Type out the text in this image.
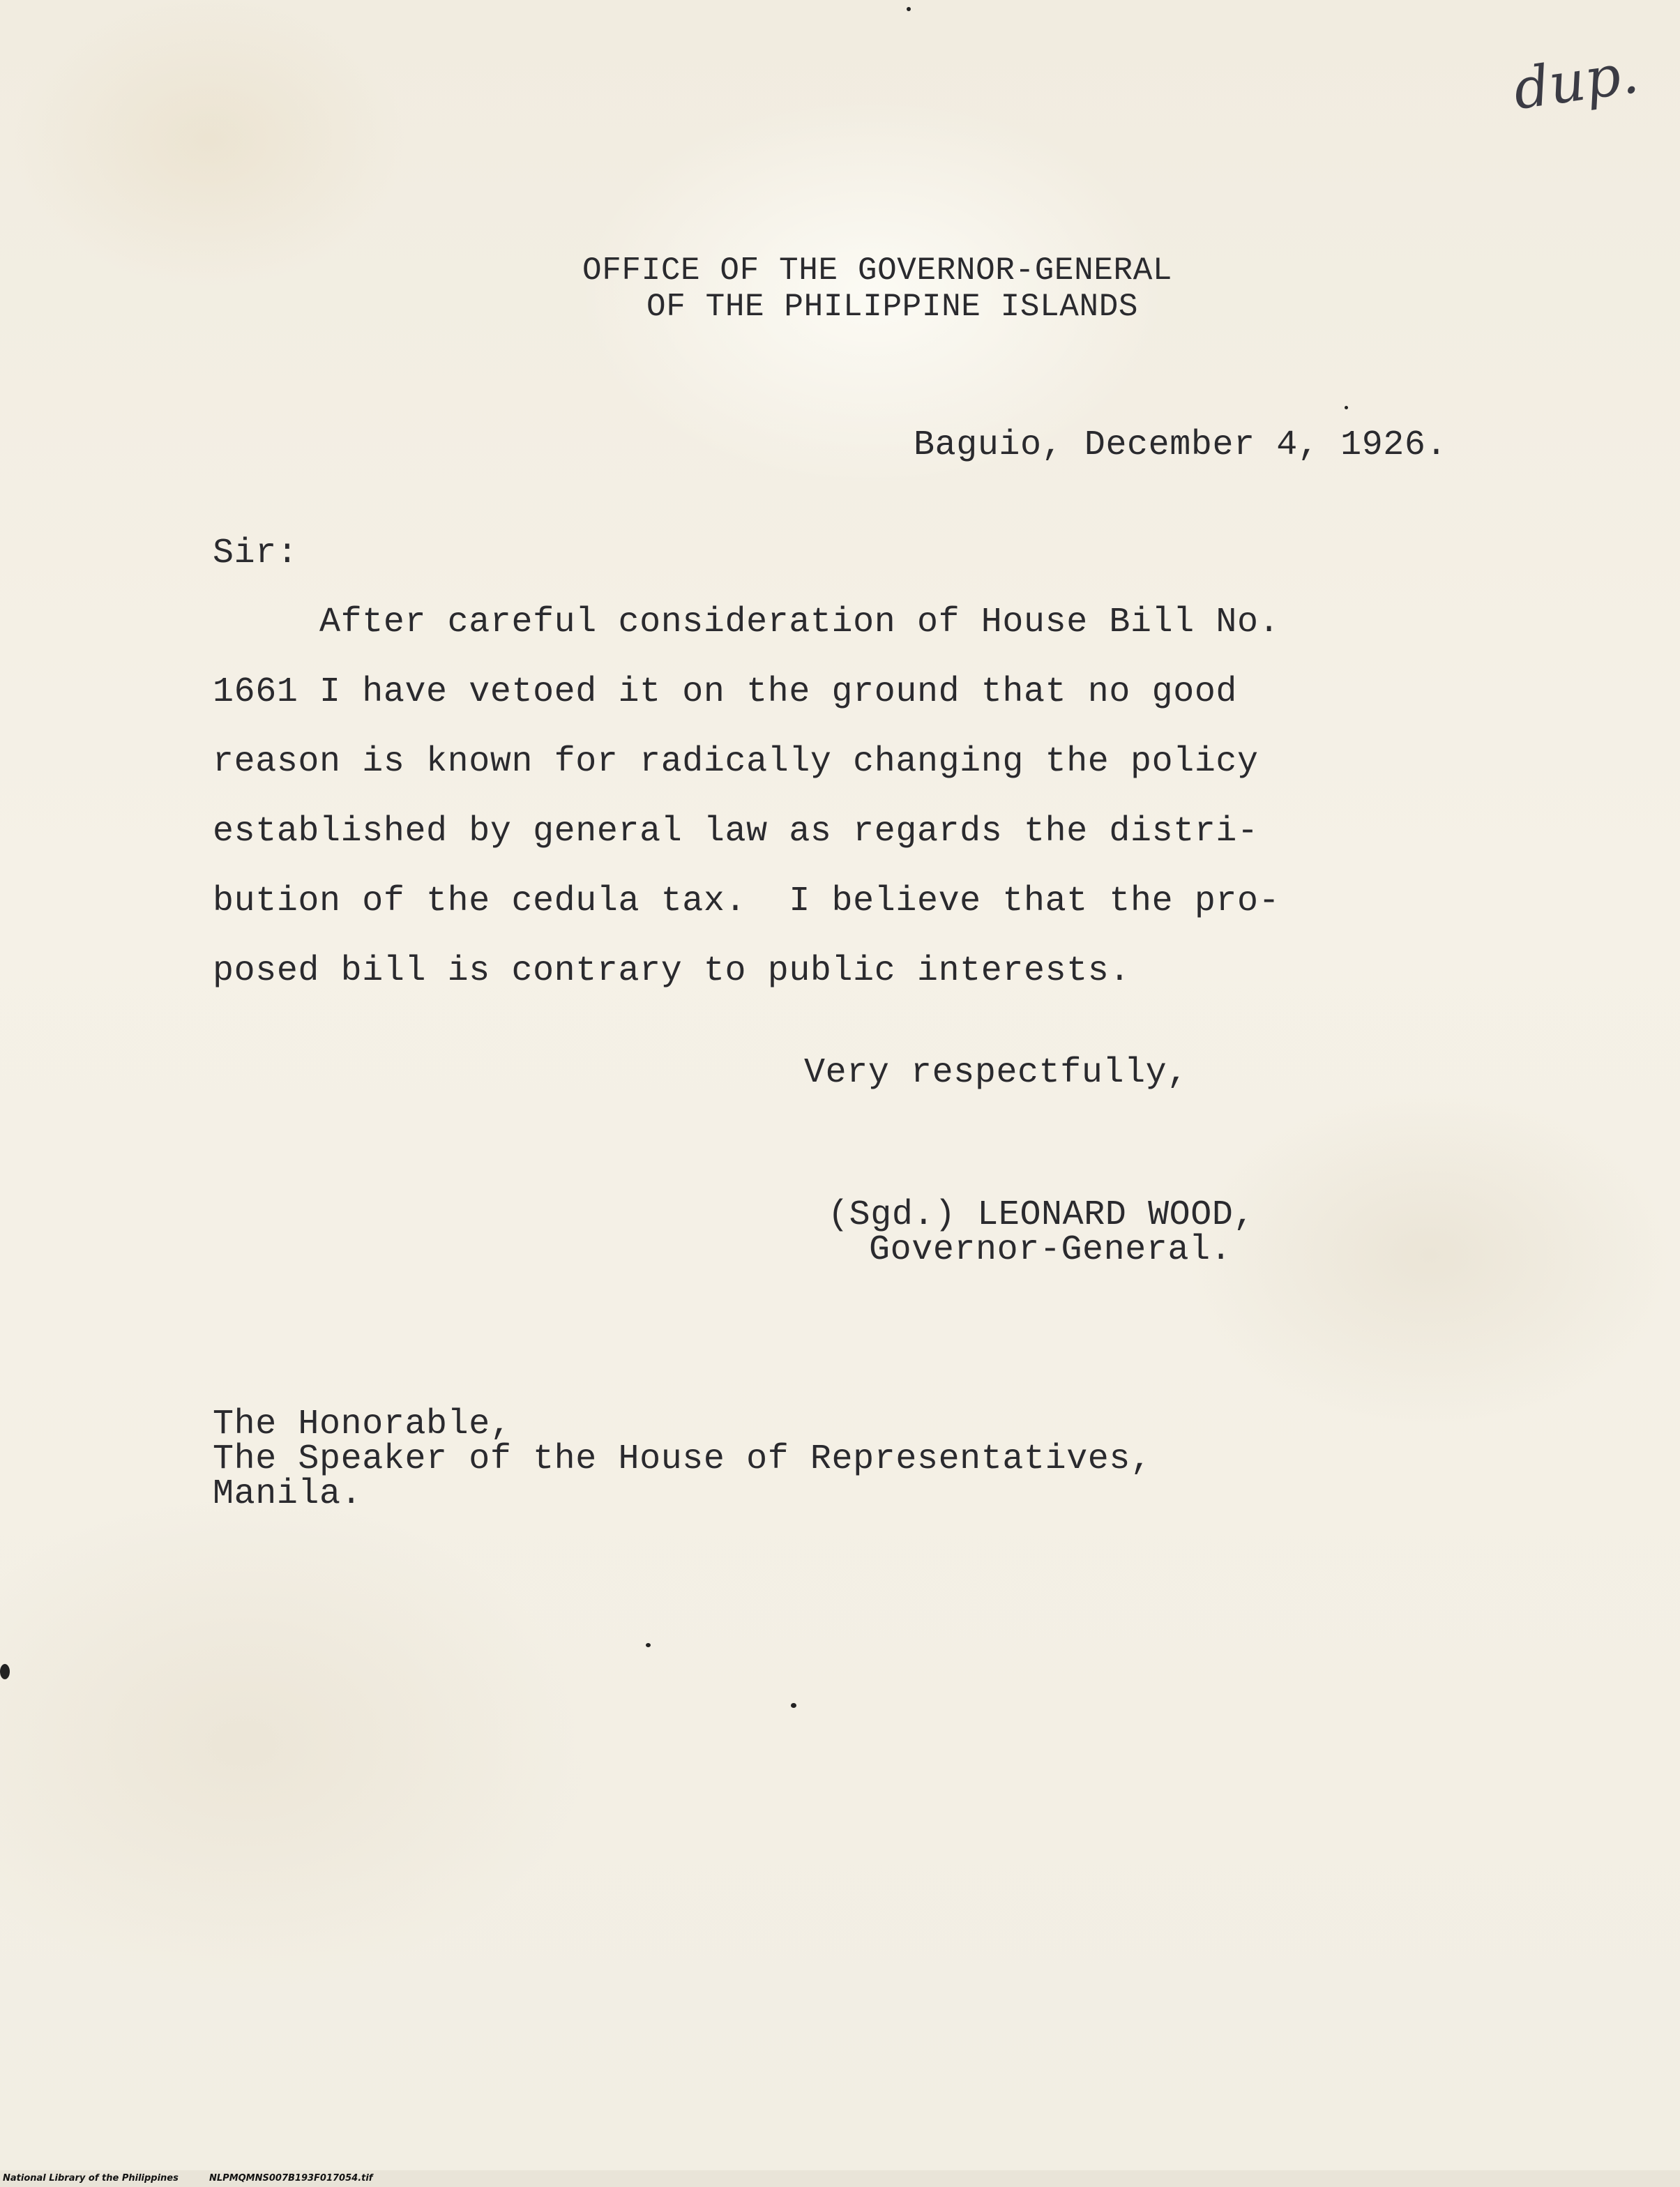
dup.

OFFICE OF THE GOVERNOR-GENERAL

OF THE PHILIPPINE ISLANDS

Baguio, December 4, 1926.

Sir:

After careful consideration of House Bill No.

1661 I have vetoed it on the ground that no good

reason is known for radically changing the policy

established by general law as regards the distri-

bution of the cedula tax.  I believe that the pro-

posed bill is contrary to public interests.

Very respectfully,

(Sgd.) LEONARD WOOD,

Governor-General.

The Honorable,

The Speaker of the House of Representatives,

Manila.

National Library of the Philippines	NLPMQMNS007B193F017054.tif
